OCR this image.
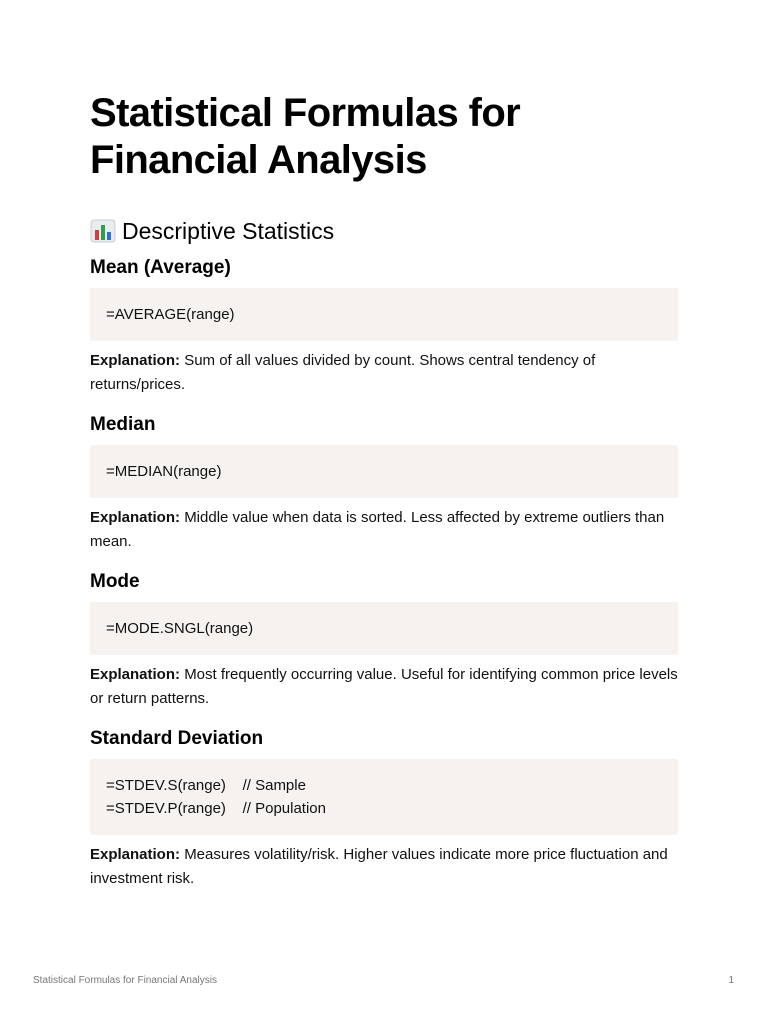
Statistical Formulas for Financial Analysis
Descriptive Statistics
Mean (Average)
=AVERAGE(range)

Explanation: Sum of all values divided by count. Shows central tendency of returns/prices.

Median
=MEDIAN(range)

Explanation: Middle value when data is sorted. Less affected by extreme outliers than mean.

Mode
=MODE.SNGL(range)

Explanation: Most frequently occurring value. Useful for identifying common price levels or return patterns.

Standard Deviation
=STDEV.S(range)    // Sample
=STDEV.P(range)    // Population

Explanation: Measures volatility/risk. Higher values indicate more price fluctuation and investment risk.

Statistical Formulas for Financial Analysis	1
